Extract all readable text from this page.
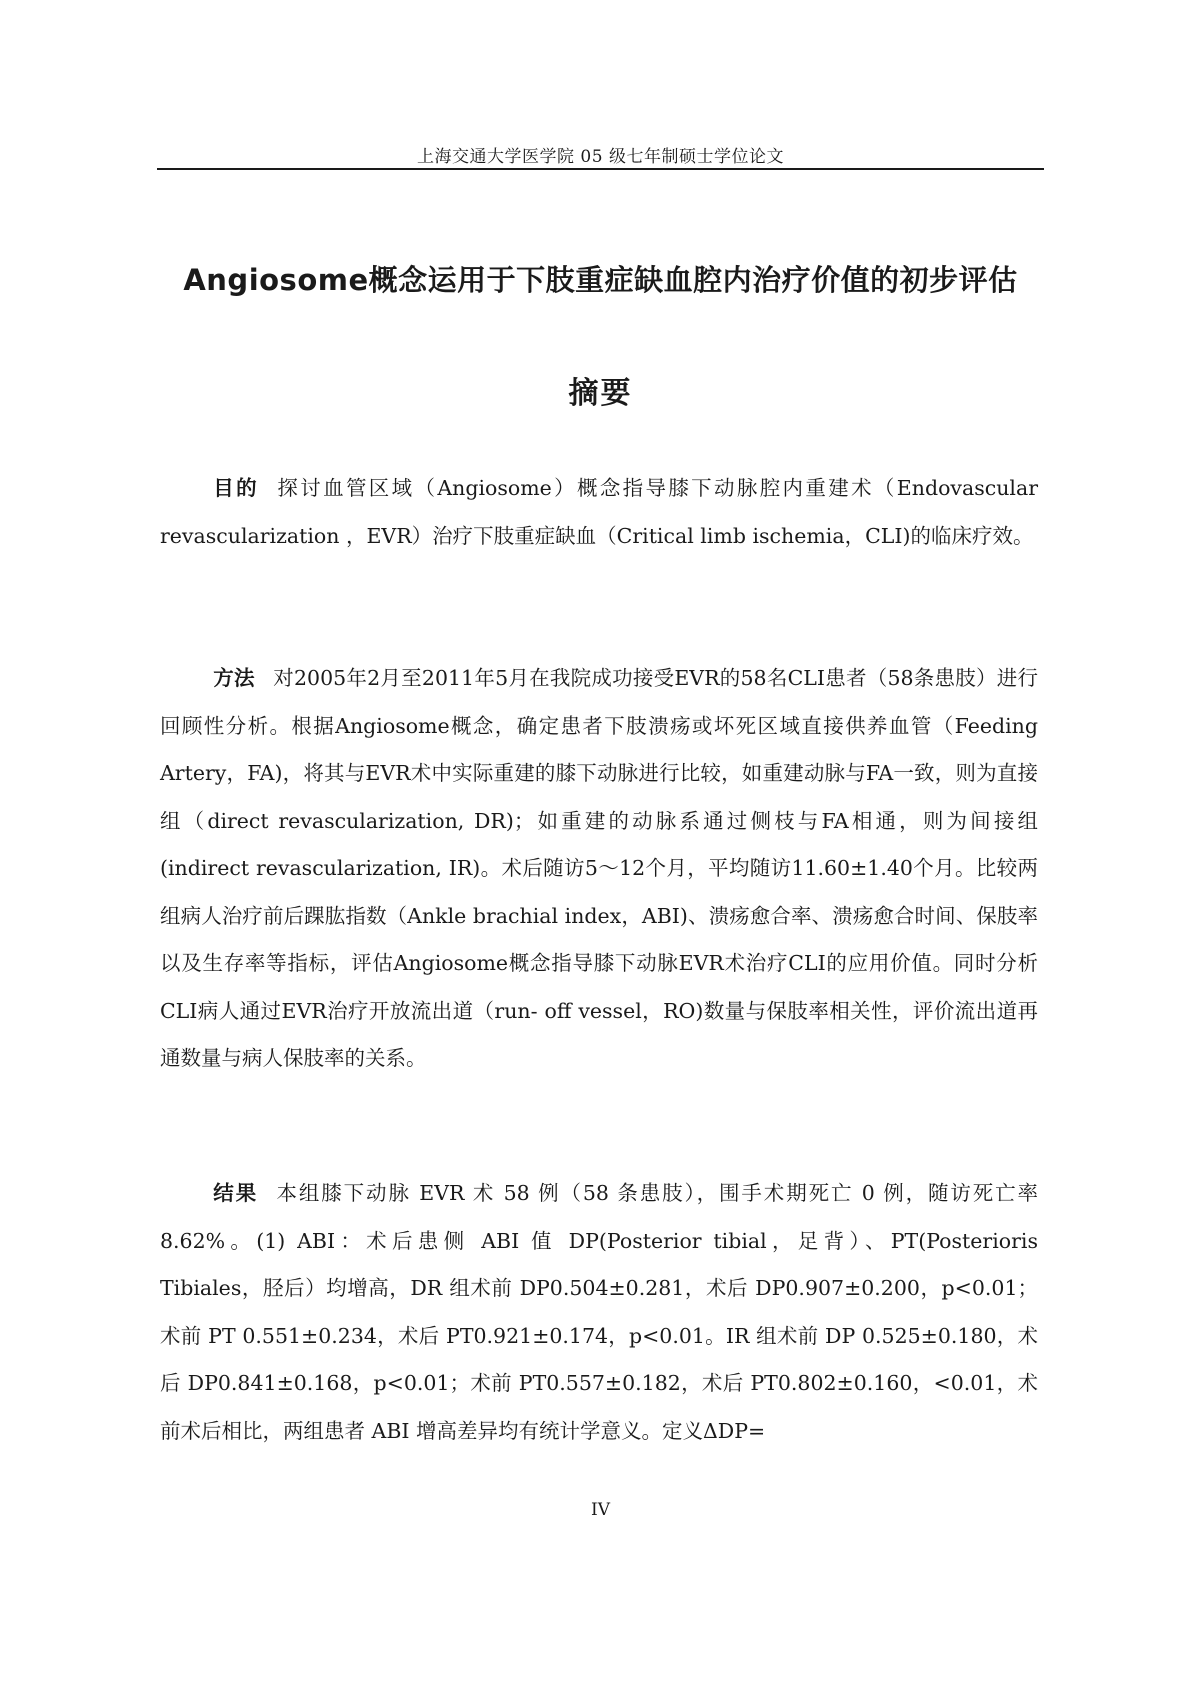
上海交通大学医学院 05 级七年制硕士学位论文
Angiosome概念运用于下肢重症缺血腔内治疗价值的初步评估
摘要

目的 探讨血管区域（Angiosome）概念指导膝下动脉腔内重建术（Endovascular revascularization ，EVR）治疗下肢重症缺血（Critical limb ischemia，CLI)的临床疗效。

方法 对2005年2月至2011年5月在我院成功接受EVR的58名CLI患者（58条患肢）进行回顾性分析。根据Angiosome概念，确定患者下肢溃疡或坏死区域直接供养血管（Feeding Artery，FA)，将其与EVR术中实际重建的膝下动脉进行比较，如重建动脉与FA一致，则为直接组（direct revascularization, DR)；如重建的动脉系通过侧枝与FA相通，则为间接组(indirect revascularization, IR)。术后随访5～12个月，平均随访11.60±1.40个月。比较两组病人治疗前后踝肱指数（Ankle brachial index，ABI)、溃疡愈合率、溃疡愈合时间、保肢率以及生存率等指标，评估Angiosome概念指导膝下动脉EVR术治疗CLI的应用价值。同时分析CLI病人通过EVR治疗开放流出道（run- off vessel，RO)数量与保肢率相关性，评价流出道再通数量与病人保肢率的关系。

结果 本组膝下动脉 EVR 术 58 例（58 条患肢），围手术期死亡 0 例，随访死亡率 8.62%。(1) ABI：术后患侧 ABI 值 DP(Posterior tibial，足背）、PT(Posterioris Tibiales，胫后）均增高，DR 组术前 DP0.504±0.281，术后 DP0.907±0.200，p<0.01；术前 PT 0.551±0.234，术后 PT0.921±0.174，p<0.01。IR 组术前 DP 0.525±0.180，术后 DP0.841±0.168，p<0.01；术前 PT0.557±0.182，术后 PT0.802±0.160，<0.01，术前术后相比，两组患者 ABI 增高差异均有统计学意义。定义ΔDP=

IV
